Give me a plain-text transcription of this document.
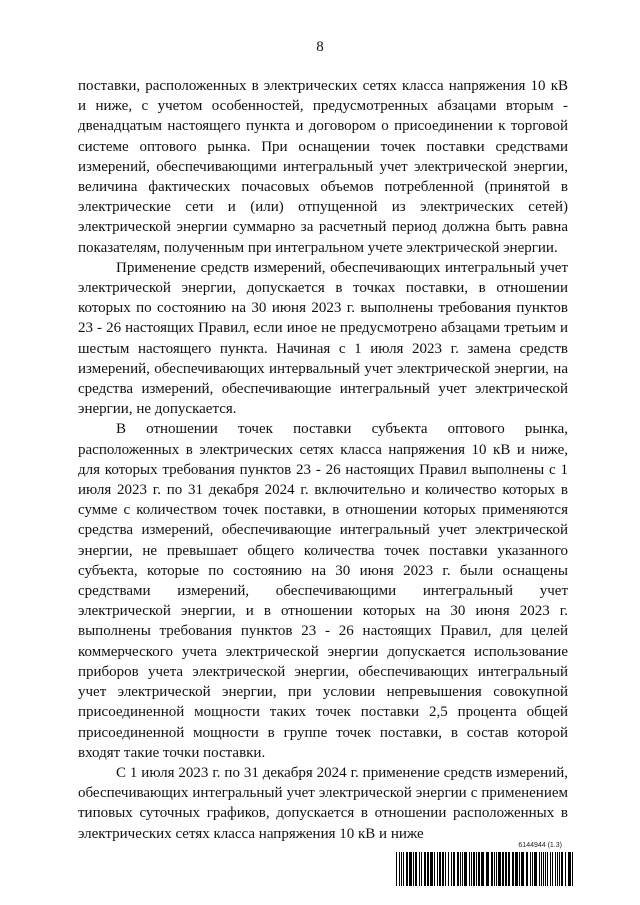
8

поставки, расположенных в электрических сетях класса напряжения 10 кВ и ниже, с учетом особенностей, предусмотренных абзацами вторым - двенадцатым настоящего пункта и договором о присоединении к торговой системе оптового рынка. При оснащении точек поставки средствами измерений, обеспечивающими интегральный учет электрической энергии, величина фактических почасовых объемов потребленной (принятой в электрические сети и (или) отпущенной из электрических сетей) электрической энергии суммарно за расчетный период должна быть равна показателям, полученным при интегральном учете электрической энергии.

Применение средств измерений, обеспечивающих интегральный учет электрической энергии, допускается в точках поставки, в отношении которых по состоянию на 30 июня 2023 г. выполнены требования пунктов 23 - 26 настоящих Правил, если иное не предусмотрено абзацами третьим и шестым настоящего пункта. Начиная с 1 июля 2023 г. замена средств измерений, обеспечивающих интервальный учет электрической энергии, на средства измерений, обеспечивающие интегральный учет электрической энергии, не допускается.

В отношении точек поставки субъекта оптового рынка, расположенных в электрических сетях класса напряжения 10 кВ и ниже, для которых требования пунктов 23 - 26 настоящих Правил выполнены с 1 июля 2023 г. по 31 декабря 2024 г. включительно и количество которых в сумме с количеством точек поставки, в отношении которых применяются средства измерений, обеспечивающие интегральный учет электрической энергии, не превышает общего количества точек поставки указанного субъекта, которые по состоянию на 30 июня 2023 г. были оснащены средствами измерений, обеспечивающими интегральный учет электрической энергии, и в отношении которых на 30 июня 2023 г. выполнены требования пунктов 23 - 26 настоящих Правил, для целей коммерческого учета электрической энергии допускается использование приборов учета электрической энергии, обеспечивающих интегральный учет электрической энергии, при условии непревышения совокупной присоединенной мощности таких точек поставки 2,5 процента общей присоединенной мощности в группе точек поставки, в состав которой входят такие точки поставки.

С 1 июля 2023 г. по 31 декабря 2024 г. применение средств измерений, обеспечивающих интегральный учет электрической энергии с применением типовых суточных графиков, допускается в отношении расположенных в электрических сетях класса напряжения 10 кВ и ниже

6144944 (1.3)
